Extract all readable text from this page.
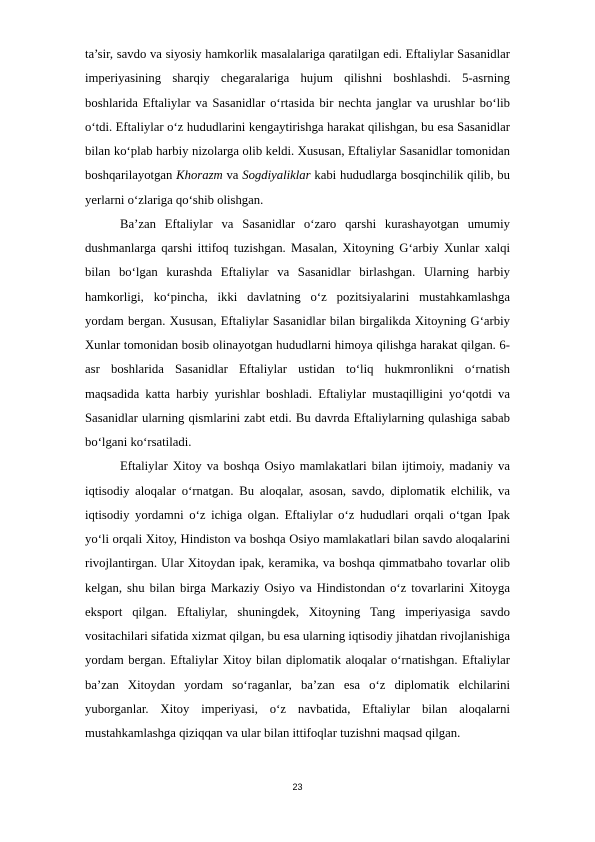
ta’sir, savdo va siyosiy hamkorlik masalalariga qaratilgan edi. Eftaliylar Sasanidlar imperiyasining sharqiy chegaralariga hujum qilishni boshlashdi. 5-asrning boshlarida Eftaliylar va Sasanidlar o‘rtasida bir nechta janglar va urushlar bo‘lib o‘tdi. Eftaliylar o‘z hududlarini kengaytirishga harakat qilishgan, bu esa Sasanidlar bilan ko‘plab harbiy nizolarga olib keldi. Xususan, Eftaliylar Sasanidlar tomonidan boshqarilayotgan Khorazm va Sogdiyaliklar kabi hududlarga bosqinchilik qilib, bu yerlarni o‘zlariga qo‘shib olishgan.

Ba’zan Eftaliylar va Sasanidlar o‘zaro qarshi kurashayotgan umumiy dushmanlarga qarshi ittifoq tuzishgan. Masalan, Xitoyning G‘arbiy Xunlar xalqi bilan bo‘lgan kurashda Eftaliylar va Sasanidlar birlashgan. Ularning harbiy hamkorligi, ko‘pincha, ikki davlatning o‘z pozitsiyalarini mustahkamlashga yordam bergan. Xususan, Eftaliylar Sasanidlar bilan birgalikda Xitoyning G‘arbiy Xunlar tomonidan bosib olinayotgan hududlarni himoya qilishga harakat qilgan. 6-asr boshlarida Sasanidlar Eftaliylar ustidan to‘liq hukmronlikni o‘rnatish maqsadida katta harbiy yurishlar boshladi. Eftaliylar mustaqilligini yo‘qotdi va Sasanidlar ularning qismlarini zabt etdi. Bu davrda Eftaliylarning qulashiga sabab bo‘lgani ko‘rsatiladi.

Eftaliylar Xitoy va boshqa Osiyo mamlakatlari bilan ijtimoiy, madaniy va iqtisodiy aloqalar o‘rnatgan. Bu aloqalar, asosan, savdo, diplomatik elchilik, va iqtisodiy yordamni o‘z ichiga olgan. Eftaliylar o‘z hududlari orqali o‘tgan Ipak yo‘li orqali Xitoy, Hindiston va boshqa Osiyo mamlakatlari bilan savdo aloqalarini rivojlantirgan. Ular Xitoydan ipak, keramika, va boshqa qimmatbaho tovarlar olib kelgan, shu bilan birga Markaziy Osiyo va Hindistondan o‘z tovarlarini Xitoyga eksport qilgan. Eftaliylar, shuningdek, Xitoyning Tang imperiyasiga savdo vositachilari sifatida xizmat qilgan, bu esa ularning iqtisodiy jihatdan rivojlanishiga yordam bergan. Eftaliylar Xitoy bilan diplomatik aloqalar o‘rnatishgan. Eftaliylar ba’zan Xitoydan yordam so‘raganlar, ba’zan esa o‘z diplomatik elchilarini yuborganlar. Xitoy imperiyasi, o‘z navbatida, Eftaliylar bilan aloqalarni mustahkamlashga qiziqqan va ular bilan ittifoqlar tuzishni maqsad qilgan.

23
